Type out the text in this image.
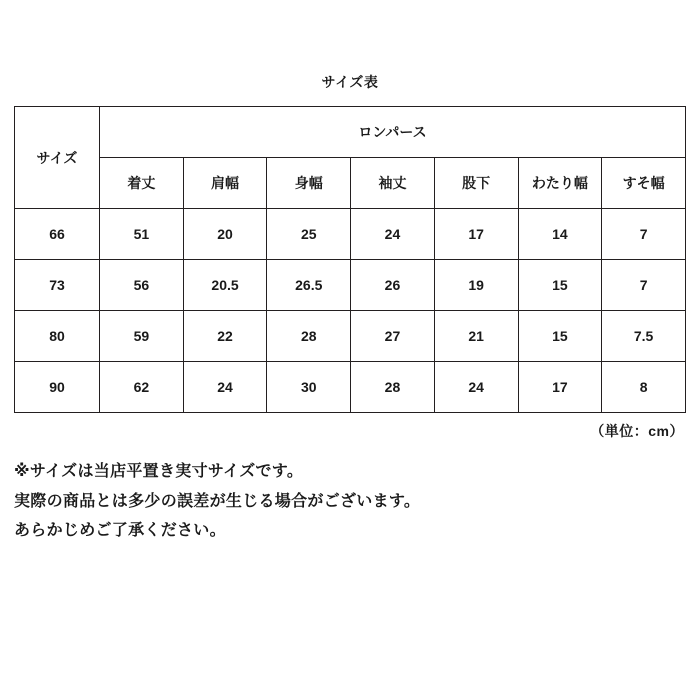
サイズ表
サイズ	ロンパース						
	着丈	肩幅	身幅	袖丈	股下	わたり幅	すそ幅
66	51	20	25	24	17	14	7
73	56	20.5	26.5	26	19	15	7
80	59	22	28	27	21	15	7.5
90	62	24	30	28	24	17	8
（単位：cm）
※サイズは当店平置き実寸サイズです。
実際の商品とは多少の誤差が生じる場合がございます。
あらかじめご了承ください。
